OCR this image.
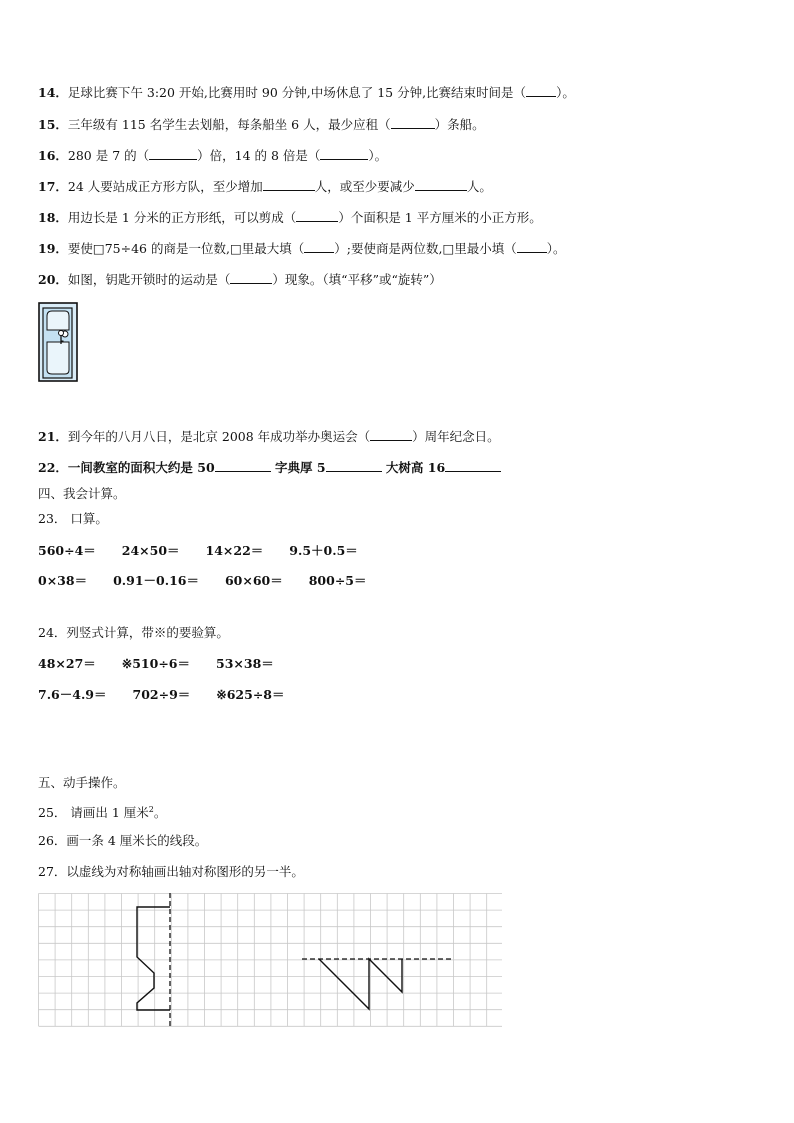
14．足球比赛下午 3:20 开始,比赛用时 90 分钟,中场休息了 15 分钟,比赛结束时间是（ ）。
15．三年级有 115 名学生去划船，每条船坐 6 人，最少应租（	）条船。
16．280 是 7 的（	）倍，14 的 8 倍是（	）。
17．24 人要站成正方形方队，至少增加	人，或至少要减少	人。
18．用边长是 1 分米的正方形纸，可以剪成（	）个面积是 1 平方厘米的小正方形。
19．要使□75÷46 的商是一位数,□里最大填（ ）;要使商是两位数,□里最小填（ ）。
20．如图，钥匙开锁时的运动是（	）现象。（填“平移”或“旋转”）
21．到今年的八月八日，是北京 2008 年成功举办奥运会（	）周年纪念日。
22．一间教室的面积大约是 50	字典厚 5	大树高 16
四、我会计算。
23． 口算。
560÷4＝ 24×50＝ 14×22＝ 9.5＋0.5＝
0×38＝ 0.91－0.16＝ 60×60＝ 800÷5＝
24．列竖式计算，带※的要验算。
48×27＝ ※510÷6＝ 53×38＝
7.6－4.9＝ 702÷9＝ ※625÷8＝
五、动手操作。
25． 请画出 1 厘米$^2$。
26．画一条 4 厘米长的线段。
27．以虚线为对称轴画出轴对称图形的另一半。
